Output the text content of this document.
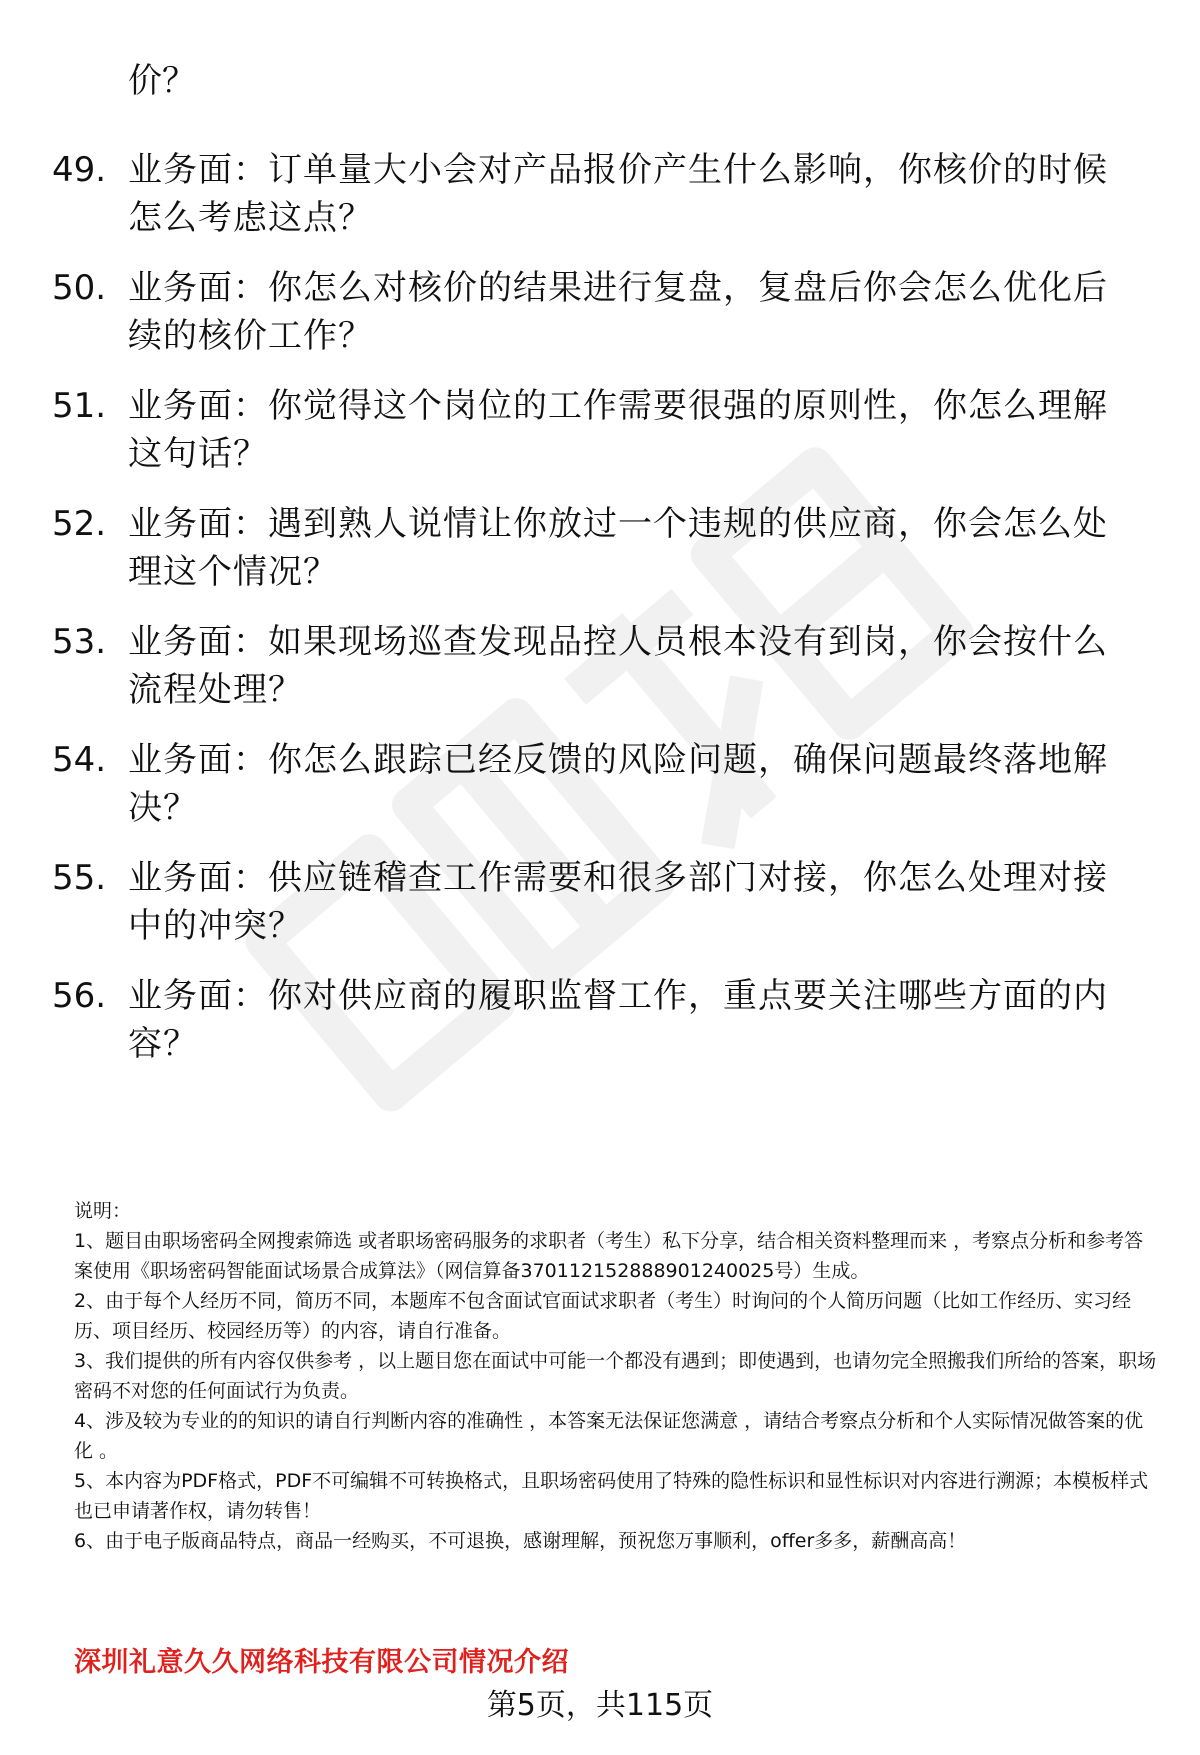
价？
49. 业务面：订单量大小会对产品报价产生什么影响，你核价的时候怎么考虑这点？
50. 业务面：你怎么对核价的结果进行复盘，复盘后你会怎么优化后续的核价工作？
51. 业务面：你觉得这个岗位的工作需要很强的原则性，你怎么理解这句话？
52. 业务面：遇到熟人说情让你放过一个违规的供应商，你会怎么处理这个情况？
53. 业务面：如果现场巡查发现品控人员根本没有到岗，你会按什么流程处理？
54. 业务面：你怎么跟踪已经反馈的风险问题，确保问题最终落地解决？
55. 业务面：供应链稽查工作需要和很多部门对接，你怎么处理对接中的冲突？
56. 业务面：你对供应商的履职监督工作，重点要关注哪些方面的内容？

说明：

1、题目由职场密码全网搜索筛选 或者职场密码服务的求职者（考生）私下分享，结合相关资料整理而来 ，考察点分析和参考答案使用《职场密码智能面试场景合成算法》（网信算备370112152888901240025号）生成。

2、由于每个人经历不同，简历不同，本题库不包含面试官面试求职者（考生）时询问的个人简历问题（比如工作经历、实习经历、项目经历、校园经历等）的内容，请自行准备。

3、我们提供的所有内容仅供参考 ，以上题目您在面试中可能一个都没有遇到；即使遇到，也请勿完全照搬我们所给的答案，职场密码不对您的任何面试行为负责。

4、涉及较为专业的的知识的请自行判断内容的准确性 ，本答案无法保证您满意 ，请结合考察点分析和个人实际情况做答案的优化 。

5、本内容为PDF格式，PDF不可编辑不可转换格式，且职场密码使用了特殊的隐性标识和显性标识对内容进行溯源；本模板样式也已申请著作权，请勿转售！

6、由于电子版商品特点，商品一经购买，不可退换，感谢理解，预祝您万事顺利，offer多多，薪酬高高！

深圳礼意久久网络科技有限公司情况介绍
第5页，共115页
